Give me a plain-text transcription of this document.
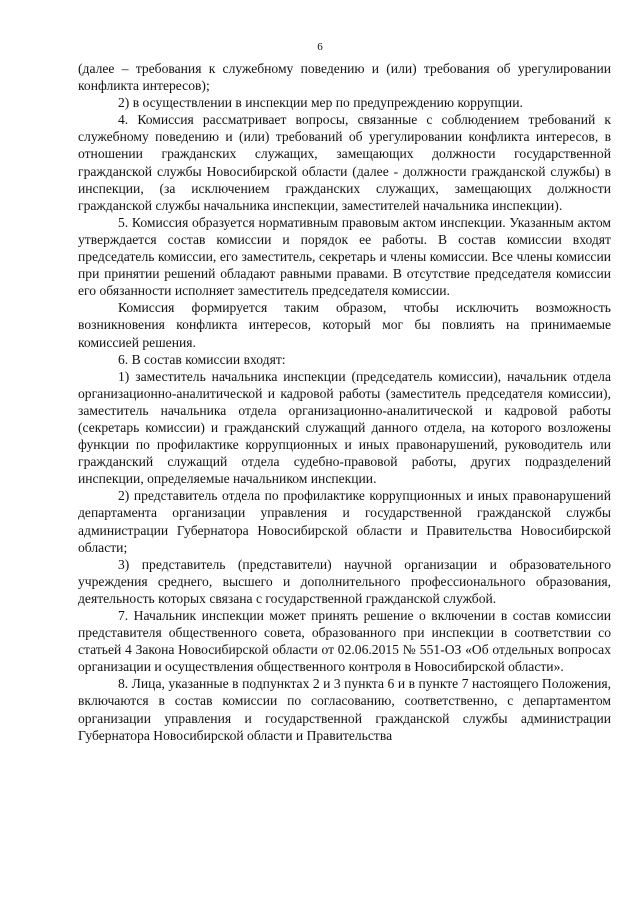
6

(далее – требования к служебному поведению и (или) требования об урегулировании конфликта интересов);

2) в осуществлении в инспекции мер по предупреждению коррупции.

4. Комиссия рассматривает вопросы, связанные с соблюдением требований к служебному поведению и (или) требований об урегулировании конфликта интересов, в отношении гражданских служащих, замещающих должности государственной гражданской службы Новосибирской области (далее - должности гражданской службы) в инспекции, (за исключением гражданских служащих, замещающих должности гражданской службы начальника инспекции, заместителей начальника инспекции).

5. Комиссия образуется нормативным правовым актом инспекции. Указанным актом утверждается состав комиссии и порядок ее работы. В состав комиссии входят председатель комиссии, его заместитель, секретарь и члены комиссии. Все члены комиссии при принятии решений обладают равными правами. В отсутствие председателя комиссии его обязанности исполняет заместитель председателя комиссии.

Комиссия формируется таким образом, чтобы исключить возможность возникновения конфликта интересов, который мог бы повлиять на принимаемые комиссией решения.

6. В состав комиссии входят:

1) заместитель начальника инспекции (председатель комиссии), начальник отдела организационно-аналитической и кадровой работы (заместитель председателя комиссии), заместитель начальника отдела организационно-аналитической и кадровой работы (секретарь комиссии) и гражданский служащий данного отдела, на которого возложены функции по профилактике коррупционных и иных правонарушений, руководитель или гражданский служащий отдела судебно-правовой работы, других подразделений инспекции, определяемые начальником инспекции.

2) представитель отдела по профилактике коррупционных и иных правонарушений департамента организации управления и государственной гражданской службы администрации Губернатора Новосибирской области и Правительства Новосибирской области;

3) представитель (представители) научной организации и образовательного учреждения среднего, высшего и дополнительного профессионального образования, деятельность которых связана с государственной гражданской службой.

7. Начальник инспекции может принять решение о включении в состав комиссии представителя общественного совета, образованного при инспекции в соответствии со статьей 4 Закона Новосибирской области от 02.06.2015 № 551-ОЗ «Об отдельных вопросах организации и осуществления общественного контроля в Новосибирской области».

8. Лица, указанные в подпунктах 2 и 3 пункта 6 и в пункте 7 настоящего Положения, включаются в состав комиссии по согласованию, соответственно, с департаментом организации управления и государственной гражданской службы администрации Губернатора Новосибирской области и Правительства
